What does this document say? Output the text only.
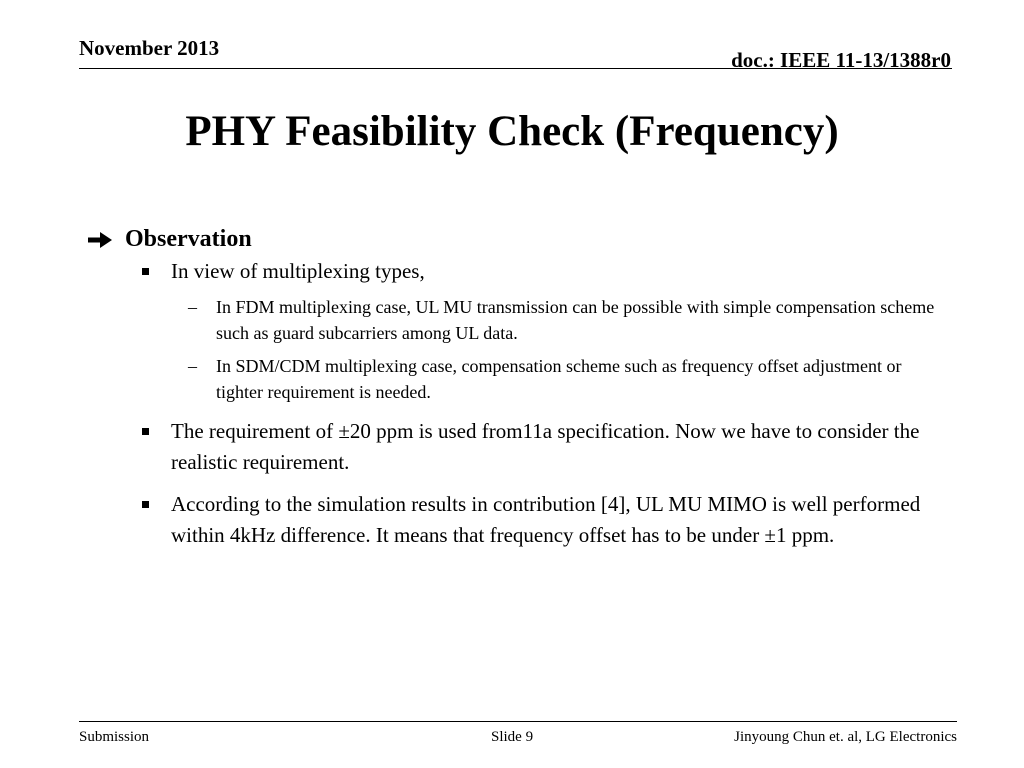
November 2013	doc.: IEEE 11-13/1388r0
PHY Feasibility Check (Frequency)
Observation
In view of multiplexing types,
– In FDM multiplexing case, UL MU transmission can be possible with simple compensation scheme such as guard subcarriers among UL data.
– In SDM/CDM multiplexing case, compensation scheme such as frequency offset adjustment or tighter requirement is needed.
The requirement of ±20 ppm is used from11a specification. Now we have to consider the realistic requirement.
According to the simulation results in contribution [4], UL MU MIMO is well performed within 4kHz difference. It means that frequency offset has to be under ±1 ppm.
Submission	Slide 9	Jinyoung Chun et. al, LG Electronics
